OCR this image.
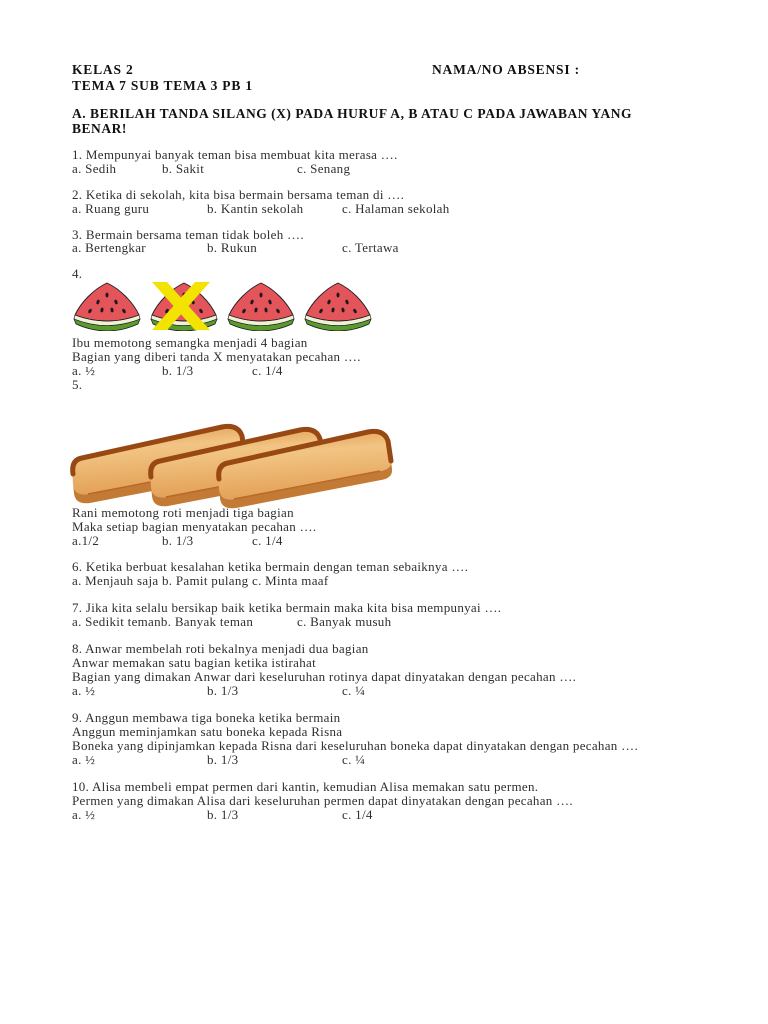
KELAS 2	NAMA/NO ABSENSI :
TEMA 7 SUB TEMA 3 PB 1
A. BERILAH TANDA SILANG (X) PADA HURUF A, B ATAU C PADA JAWABAN YANG
BENAR!
1. Mempunyai banyak teman bisa membuat kita merasa ….
a. Sedih	b. Sakit	c. Senang
2. Ketika di sekolah, kita bisa bermain bersama teman di ….
a. Ruang guru	b. Kantin sekolah	c. Halaman sekolah
3. Bermain bersama teman tidak boleh ….
a. Bertengkar	b. Rukun	c. Tertawa
4.
Ibu memotong semangka menjadi 4 bagian
Bagian yang diberi tanda X menyatakan pecahan ….
a. ½	b. 1/3	c. 1/4
5.
Rani memotong roti menjadi tiga bagian
Maka setiap bagian menyatakan pecahan ….
a.1/2	b. 1/3	c. 1/4
6. Ketika berbuat kesalahan ketika bermain dengan teman sebaiknya ….
a. Menjauh saja b. Pamit pulang c. Minta maaf
7. Jika kita selalu bersikap baik ketika bermain maka kita bisa mempunyai ….
a. Sedikit temanb. Banyak teman	c. Banyak musuh
8. Anwar membelah roti bekalnya menjadi dua bagian
Anwar memakan satu bagian ketika istirahat
Bagian yang dimakan Anwar dari keseluruhan rotinya dapat dinyatakan dengan pecahan ….
a. ½	b. 1/3	c. ¼
9. Anggun membawa tiga boneka ketika bermain
Anggun meminjamkan satu boneka kepada Risna
Boneka yang dipinjamkan kepada Risna dari keseluruhan boneka dapat dinyatakan dengan pecahan ….
a. ½	b. 1/3	c. ¼
10. Alisa membeli empat permen dari kantin, kemudian Alisa memakan satu permen.
Permen yang dimakan Alisa dari keseluruhan permen dapat dinyatakan dengan pecahan ….
a. ½	b. 1/3	c. 1/4
